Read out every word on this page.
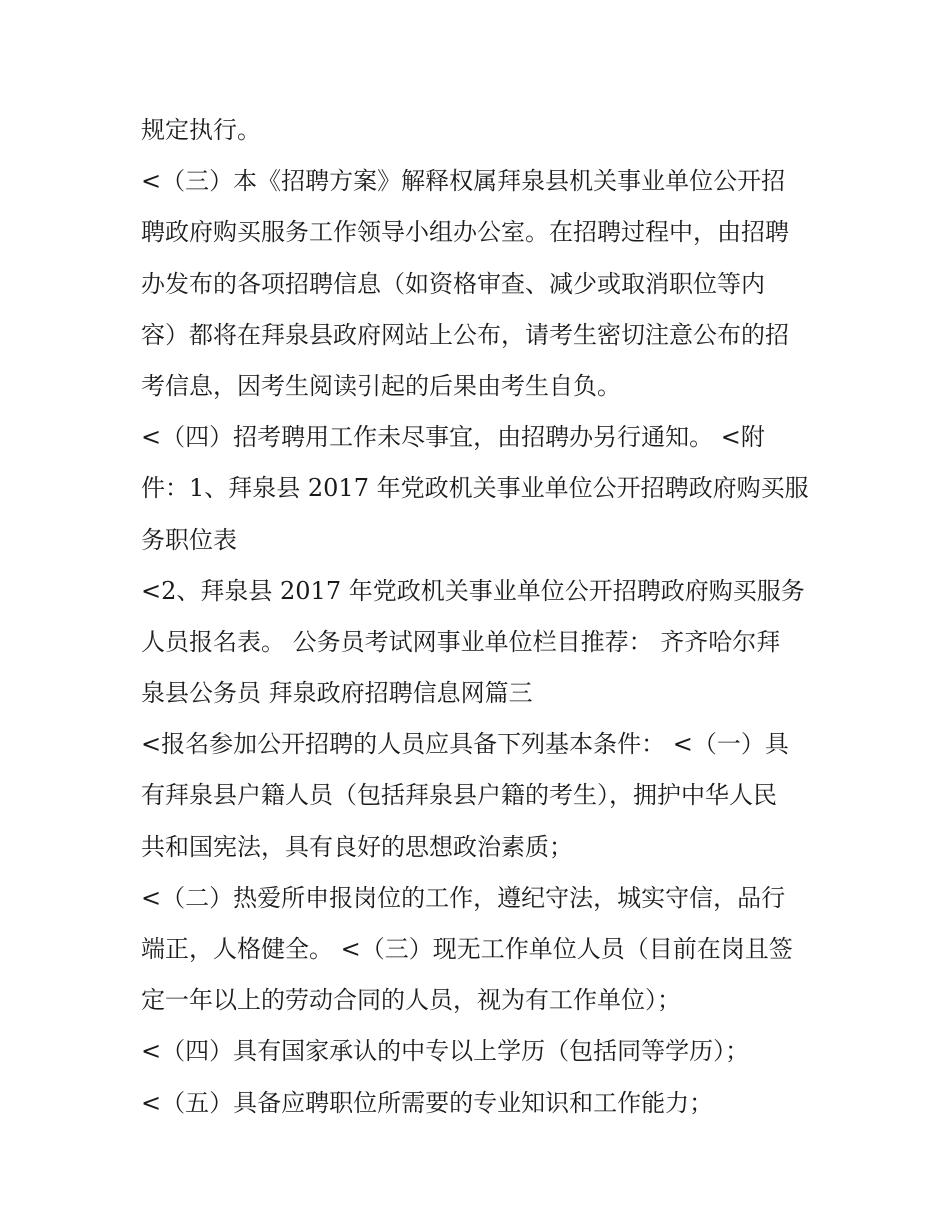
规定执行。
<（三）本《招聘方案》解释权属拜泉县机关事业单位公开招
聘政府购买服务工作领导小组办公室。在招聘过程中，由招聘
办发布的各项招聘信息（如资格审查、减少或取消职位等内
容）都将在拜泉县政府网站上公布，请考生密切注意公布的招
考信息，因考生阅读引起的后果由考生自负。
<（四）招考聘用工作未尽事宜，由招聘办另行通知。 <附
件：1、拜泉县 2017 年党政机关事业单位公开招聘政府购买服
务职位表
<2、拜泉县 2017 年党政机关事业单位公开招聘政府购买服务
人员报名表。 公务员考试网事业单位栏目推荐： 齐齐哈尔拜
泉县公务员 拜泉政府招聘信息网篇三
<报名参加公开招聘的人员应具备下列基本条件： <（一）具
有拜泉县户籍人员（包括拜泉县户籍的考生），拥护中华人民
共和国宪法，具有良好的思想政治素质；
<（二）热爱所申报岗位的工作，遵纪守法，城实守信，品行
端正，人格健全。 <（三）现无工作单位人员（目前在岗且签
定一年以上的劳动合同的人员，视为有工作单位）；
<（四）具有国家承认的中专以上学历（包括同等学历）；
<（五）具备应聘职位所需要的专业知识和工作能力；
